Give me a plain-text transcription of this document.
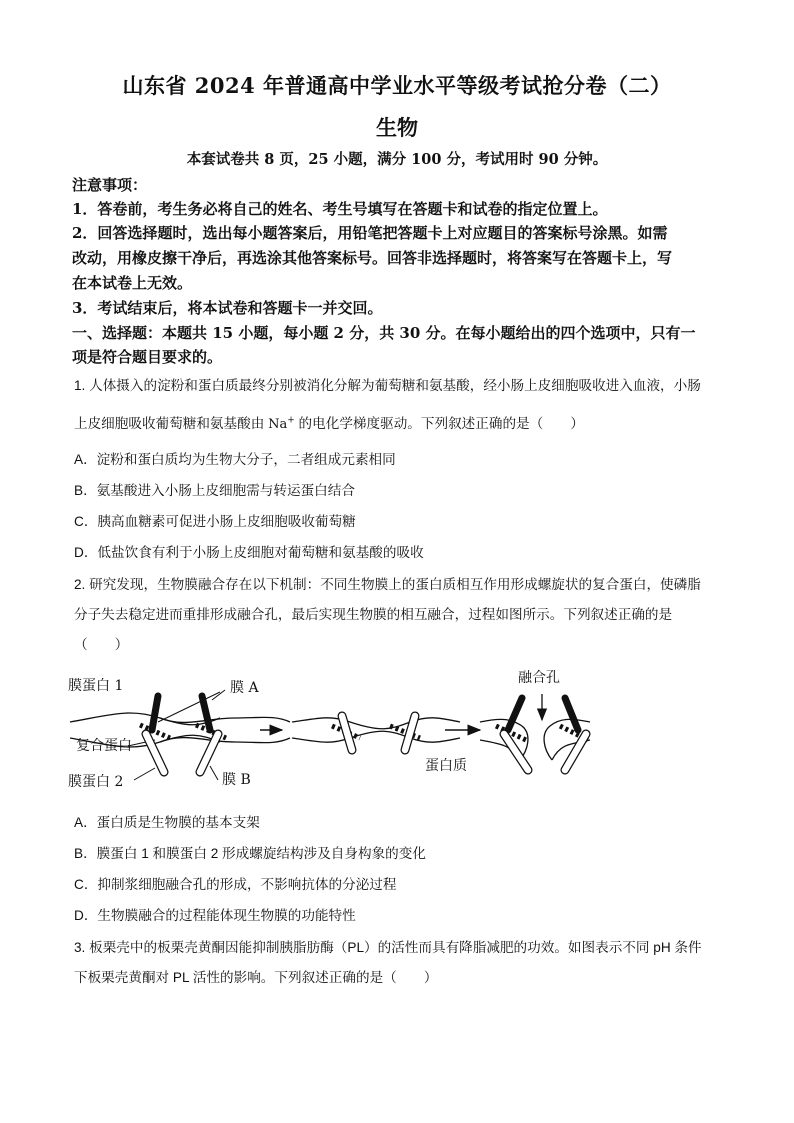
山东省 2024 年普通高中学业水平等级考试抢分卷（二）
生物
本套试卷共 8 页，25 小题，满分 100 分，考试用时 90 分钟。
注意事项：
1．答卷前，考生务必将自己的姓名、考生号填写在答题卡和试卷的指定位置上。
2．回答选择题时，选出每小题答案后，用铅笔把答题卡上对应题目的答案标号涂黑。如需
改动，用橡皮擦干净后，再选涂其他答案标号。回答非选择题时，将答案写在答题卡上，写
在本试卷上无效。
3．考试结束后，将本试卷和答题卡一并交回。
一、选择题：本题共 15 小题，每小题 2 分，共 30 分。在每小题给出的四个选项中，只有一
项是符合题目要求的。
1. 人体摄入的淀粉和蛋白质最终分别被消化分解为葡萄糖和氨基酸，经小肠上皮细胞吸收进入血液，小肠
上皮细胞吸收葡萄糖和氨基酸由 Na+ 的电化学梯度驱动。下列叙述正确的是（　　）
A．淀粉和蛋白质均为生物大分子，二者组成元素相同
B．氨基酸进入小肠上皮细胞需与转运蛋白结合
C．胰高血糖素可促进小肠上皮细胞吸收葡萄糖
D．低盐饮食有利于小肠上皮细胞对葡萄糖和氨基酸的吸收
2. 研究发现，生物膜融合存在以下机制：不同生物膜上的蛋白质相互作用形成螺旋状的复合蛋白，使磷脂
分子失去稳定进而重排形成融合孔，最后实现生物膜的相互融合，过程如图所示。下列叙述正确的是
（　　）
膜蛋白 1	膜 A
复合蛋白
膜蛋白 2	膜 B
融合孔
蛋白质
A．蛋白质是生物膜的基本支架
B．膜蛋白 1 和膜蛋白 2 形成螺旋结构涉及自身构象的变化
C．抑制浆细胞融合孔的形成，不影响抗体的分泌过程
D．生物膜融合的过程能体现生物膜的功能特性
3. 板栗壳中的板栗壳黄酮因能抑制胰脂肪酶（PL）的活性而具有降脂减肥的功效。如图表示不同 pH 条件
下板栗壳黄酮对 PL 活性的影响。下列叙述正确的是（　　）
